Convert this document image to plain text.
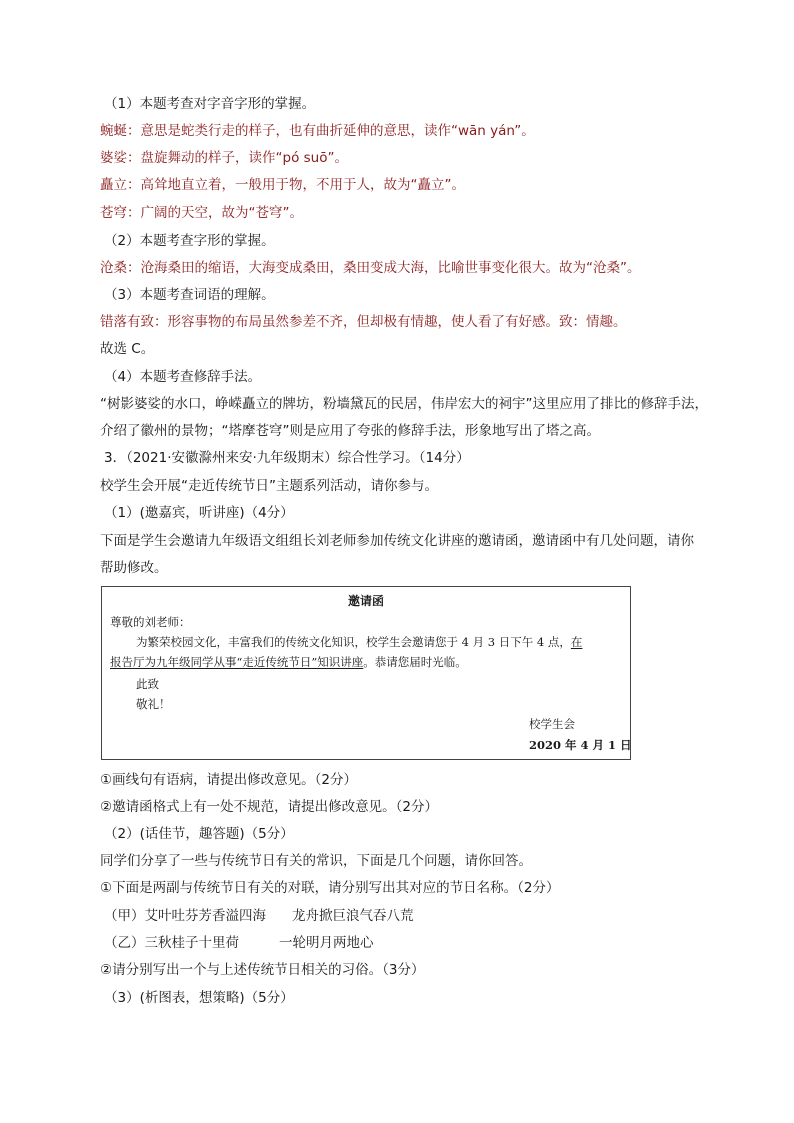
（1）本题考查对字音字形的掌握。
蜿蜒：意思是蛇类行走的样子，也有曲折延伸的意思，读作“wān yán”。
婆娑：盘旋舞动的样子，读作“pó suō”。
矗立：高耸地直立着，一般用于物，不用于人，故为“矗立”。
苍穹：广阔的天空，故为“苍穹”。
（2）本题考查字形的掌握。
沧桑：沧海桑田的缩语，大海变成桑田，桑田变成大海，比喻世事变化很大。故为“沧桑”。
（3）本题考查词语的理解。
错落有致：形容事物的布局虽然参差不齐，但却极有情趣，使人看了有好感。致：情趣。
故选 C。
（4）本题考查修辞手法。
“树影婆娑的水口，峥嵘矗立的牌坊，粉墙黛瓦的民居，伟岸宏大的祠宇”这里应用了排比的修辞手法，
介绍了徽州的景物；“塔摩苍穹”则是应用了夸张的修辞手法，形象地写出了塔之高。
3．（2021·安徽滁州来安·九年级期末）综合性学习。（14分）
校学生会开展“走近传统节日”主题系列活动，请你参与。
（1）(邀嘉宾，听讲座)（4分）
下面是学生会邀请九年级语文组组长刘老师参加传统文化讲座的邀请函，邀请函中有几处问题，请你
帮助修改。
邀请函
尊敬的刘老师：
为繁荣校园文化，丰富我们的传统文化知识，校学生会邀请您于 4 月 3 日下午 4 点，在
报告厅为九年级同学从事“走近传统节日”知识讲座。恭请您届时光临。
此致
敬礼！
校学生会
2020 年 4 月 1 日
①画线句有语病，请提出修改意见。（2分）
②邀请函格式上有一处不规范，请提出修改意见。（2分）
（2）(话佳节，趣答题)（5分）
同学们分享了一些与传统节日有关的常识，下面是几个问题，请你回答。
①下面是两副与传统节日有关的对联，请分别写出其对应的节日名称。（2分）
（甲）艾叶吐芬芳香溢四海 龙舟掀巨浪气吞八荒
（乙）三秋桂子十里荷	一轮明月两地心
②请分别写出一个与上述传统节日相关的习俗。（3分）
（3）(析图表，想策略)（5分）
